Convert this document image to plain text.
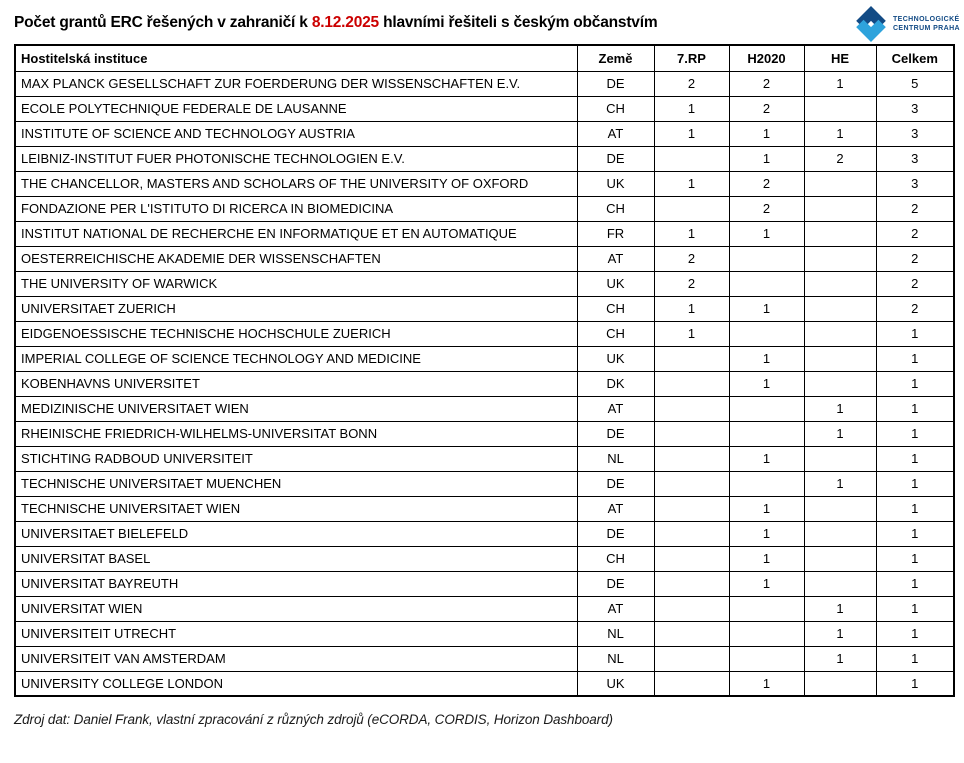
Počet grantů ERC řešených v zahraničí k 8.12.2025 hlavními řešiteli s českým občanstvím	TECHNOLOGICKÉ
CENTRUM PRAHA
Hostitelská instituce	Země	7.RP	H2020	HE	Celkem
MAX PLANCK GESELLSCHAFT ZUR FOERDERUNG DER WISSENSCHAFTEN E.V.	DE	2	2	1	5
ECOLE POLYTECHNIQUE FEDERALE DE LAUSANNE	CH	1	2		3
INSTITUTE OF SCIENCE AND TECHNOLOGY AUSTRIA	AT	1	1	1	3
LEIBNIZ-INSTITUT FUER PHOTONISCHE TECHNOLOGIEN E.V.	DE		1	2	3
THE CHANCELLOR, MASTERS AND SCHOLARS OF THE UNIVERSITY OF OXFORD	UK	1	2		3
FONDAZIONE PER L'ISTITUTO DI RICERCA IN BIOMEDICINA	CH		2		2
INSTITUT NATIONAL DE RECHERCHE EN INFORMATIQUE ET EN AUTOMATIQUE	FR	1	1		2
OESTERREICHISCHE AKADEMIE DER WISSENSCHAFTEN	AT	2			2
THE UNIVERSITY OF WARWICK	UK	2			2
UNIVERSITAET ZUERICH	CH	1	1		2
EIDGENOESSISCHE TECHNISCHE HOCHSCHULE ZUERICH	CH	1			1
IMPERIAL COLLEGE OF SCIENCE TECHNOLOGY AND MEDICINE	UK		1		1
KOBENHAVNS UNIVERSITET	DK		1		1
MEDIZINISCHE UNIVERSITAET WIEN	AT			1	1
RHEINISCHE FRIEDRICH-WILHELMS-UNIVERSITAT BONN	DE			1	1
STICHTING RADBOUD UNIVERSITEIT	NL		1		1
TECHNISCHE UNIVERSITAET MUENCHEN	DE			1	1
TECHNISCHE UNIVERSITAET WIEN	AT		1		1
UNIVERSITAET BIELEFELD	DE		1		1
UNIVERSITAT BASEL	CH		1		1
UNIVERSITAT BAYREUTH	DE		1		1
UNIVERSITAT WIEN	AT			1	1
UNIVERSITEIT UTRECHT	NL			1	1
UNIVERSITEIT VAN AMSTERDAM	NL			1	1
UNIVERSITY COLLEGE LONDON	UK		1		1

Zdroj dat: Daniel Frank, vlastní zpracování z různých zdrojů (eCORDA, CORDIS, Horizon Dashboard)
